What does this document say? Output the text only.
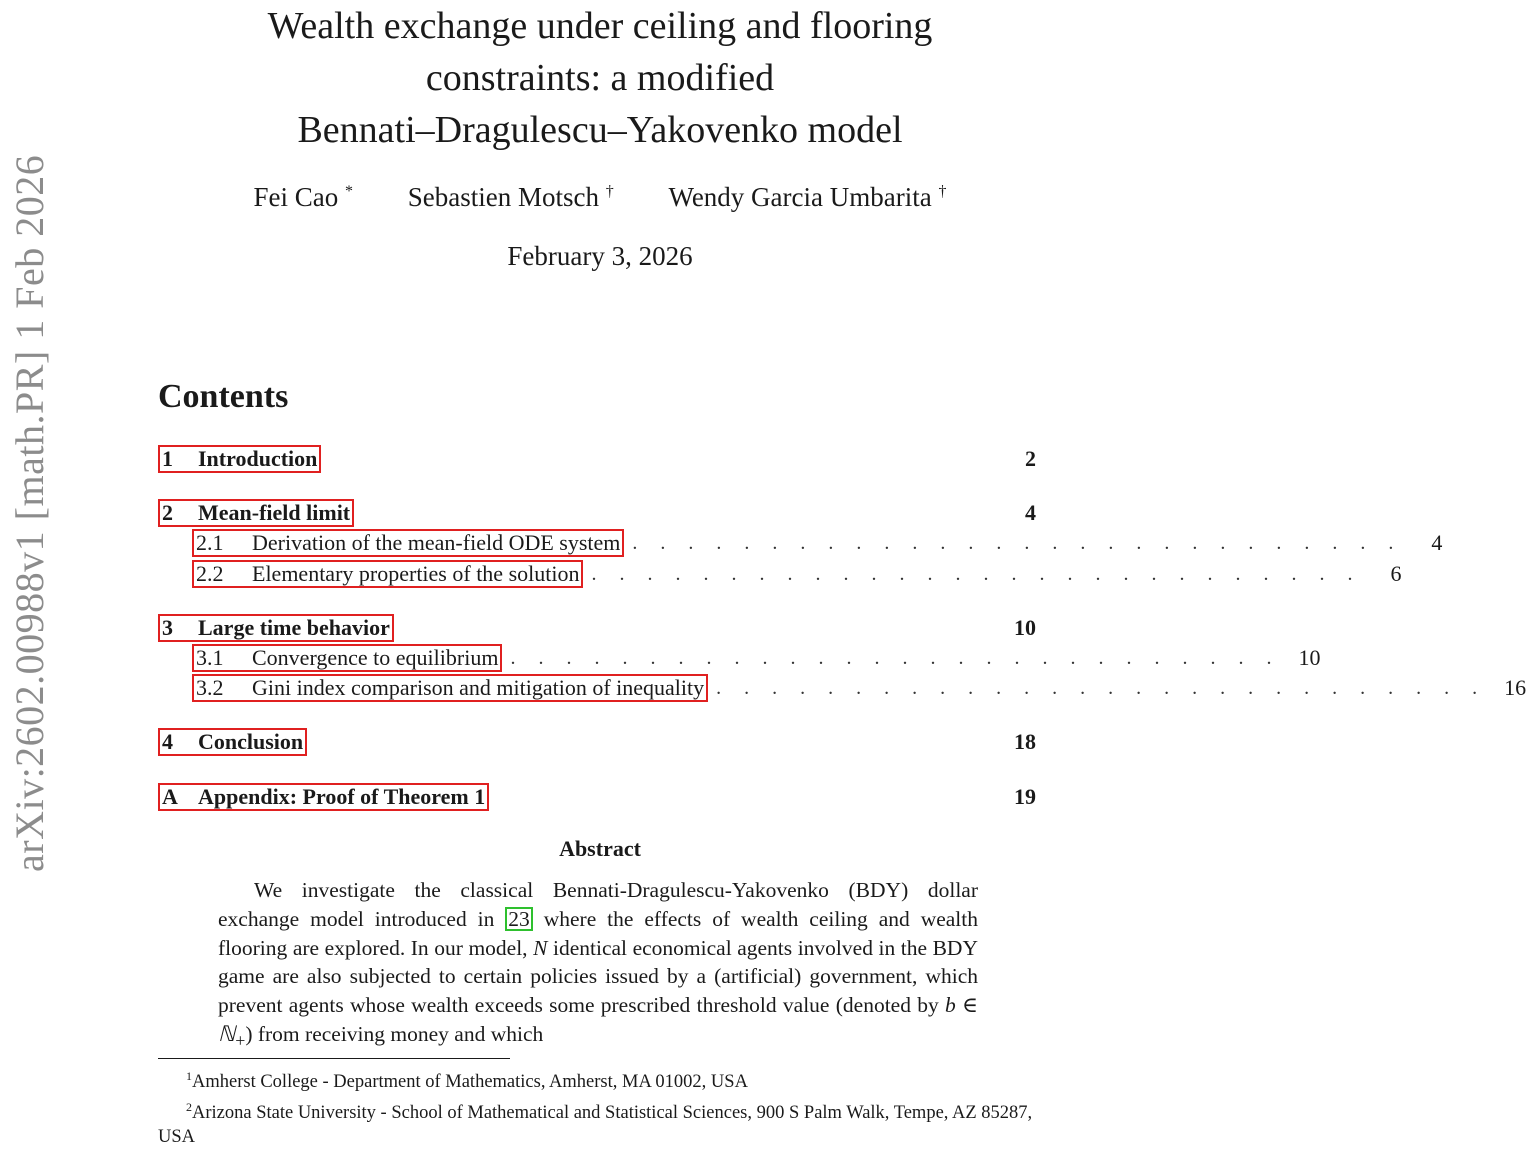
arXiv:2602.00988v1 [math.PR] 1 Feb 2026
Wealth exchange under ceiling and flooring
constraints: a modified
Bennati–Dragulescu–Yakovenko model
Fei Cao * Sebastien Motsch † Wendy Garcia Umbarita †
February 3, 2026
Contents
1	Introduction	2
2	Mean-field limit	4
2.1	Derivation of the mean-field ODE system . . . . . . . . . . . . . . . . . . . . . . . . . . . .	4
2.2	Elementary properties of the solution . . . . . . . . . . . . . . . . . . . . . . . . . . . .	6
3	Large time behavior	10
3.1	Convergence to equilibrium . . . . . . . . . . . . . . . . . . . . . . . . . . . . 10
3.2	Gini index comparison and mitigation of inequality . . . . . . . . . . . . . . . . . . . . . . . . . . . . 16
4	Conclusion	18
A Appendix: Proof of Theorem 1	19
Abstract

We investigate the classical Bennati-Dragulescu-Yakovenko (BDY) dollar exchange model introduced in 23 where the effects of wealth ceiling and wealth flooring are explored. In our model, N identical economical agents involved in the BDY game are also subjected to certain policies issued by a (artificial) government, which prevent agents whose wealth exceeds some prescribed threshold value (denoted by b ∈ ℕ$_+$) from receiving money and which

$^1$Amherst College - Department of Mathematics, Amherst, MA 01002, USA

$^2$Arizona State University - School of Mathematical and Statistical Sciences, 900 S Palm Walk, Tempe, AZ 85287, USA
